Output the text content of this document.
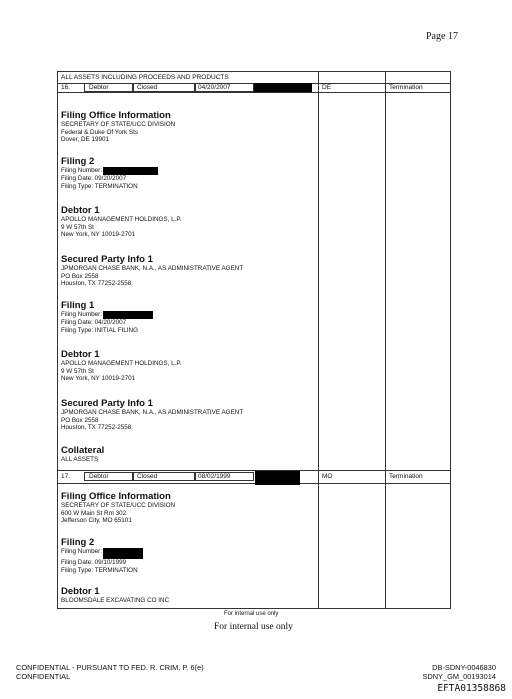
Page 17
ALL ASSETS INCLUDING PROCEEDS AND PRODUCTS
16.	Debtor	Closed	04/20/2007	DE	Termination
Filing Office Information
SECRETARY OF STATE/UCC DIVISION
Federal & Duke Of York Sts
Dover, DE 19901
Filing 2
Filing Number:
Filing Date: 09/20/2007
Filing Type: TERMINATION
Debtor 1
APOLLO MANAGEMENT HOLDINGS, L.P.
9 W 57th St
New York, NY 10019-2701
Secured Party Info 1
JPMORGAN CHASE BANK, N.A., AS ADMINISTRATIVE AGENT
PO Box 2558
Houston, TX 77252-2558
Filing 1
Filing Number:
Filing Date: 04/20/2007
Filing Type: INITIAL FILING
Debtor 1
APOLLO MANAGEMENT HOLDINGS, L.P.
9 W 57th St
New York, NY 10019-2701
Secured Party Info 1
JPMORGAN CHASE BANK, N.A., AS ADMINISTRATIVE AGENT
PO Box 2558
Houston, TX 77252-2558
Collateral
ALL ASSETS
17.	Debtor	Closed	08/02/1999	MO	Termination
Filing Office Information
SECRETARY OF STATE/UCC DIVISION
600 W Main St Rm 302
Jefferson City, MO 65101
Filing 2
Filing Number:
Filing Date: 09/10/1999
Filing Type: TERMINATION
Debtor 1
BLOOMSDALE EXCAVATING CO INC
For internal use only
For internal use only
CONFIDENTIAL - PURSUANT TO FED. R. CRIM. P. 6(e)
CONFIDENTIAL
DB-SDNY-0046830
SDNY_GM_00193014
EFTA01358868
